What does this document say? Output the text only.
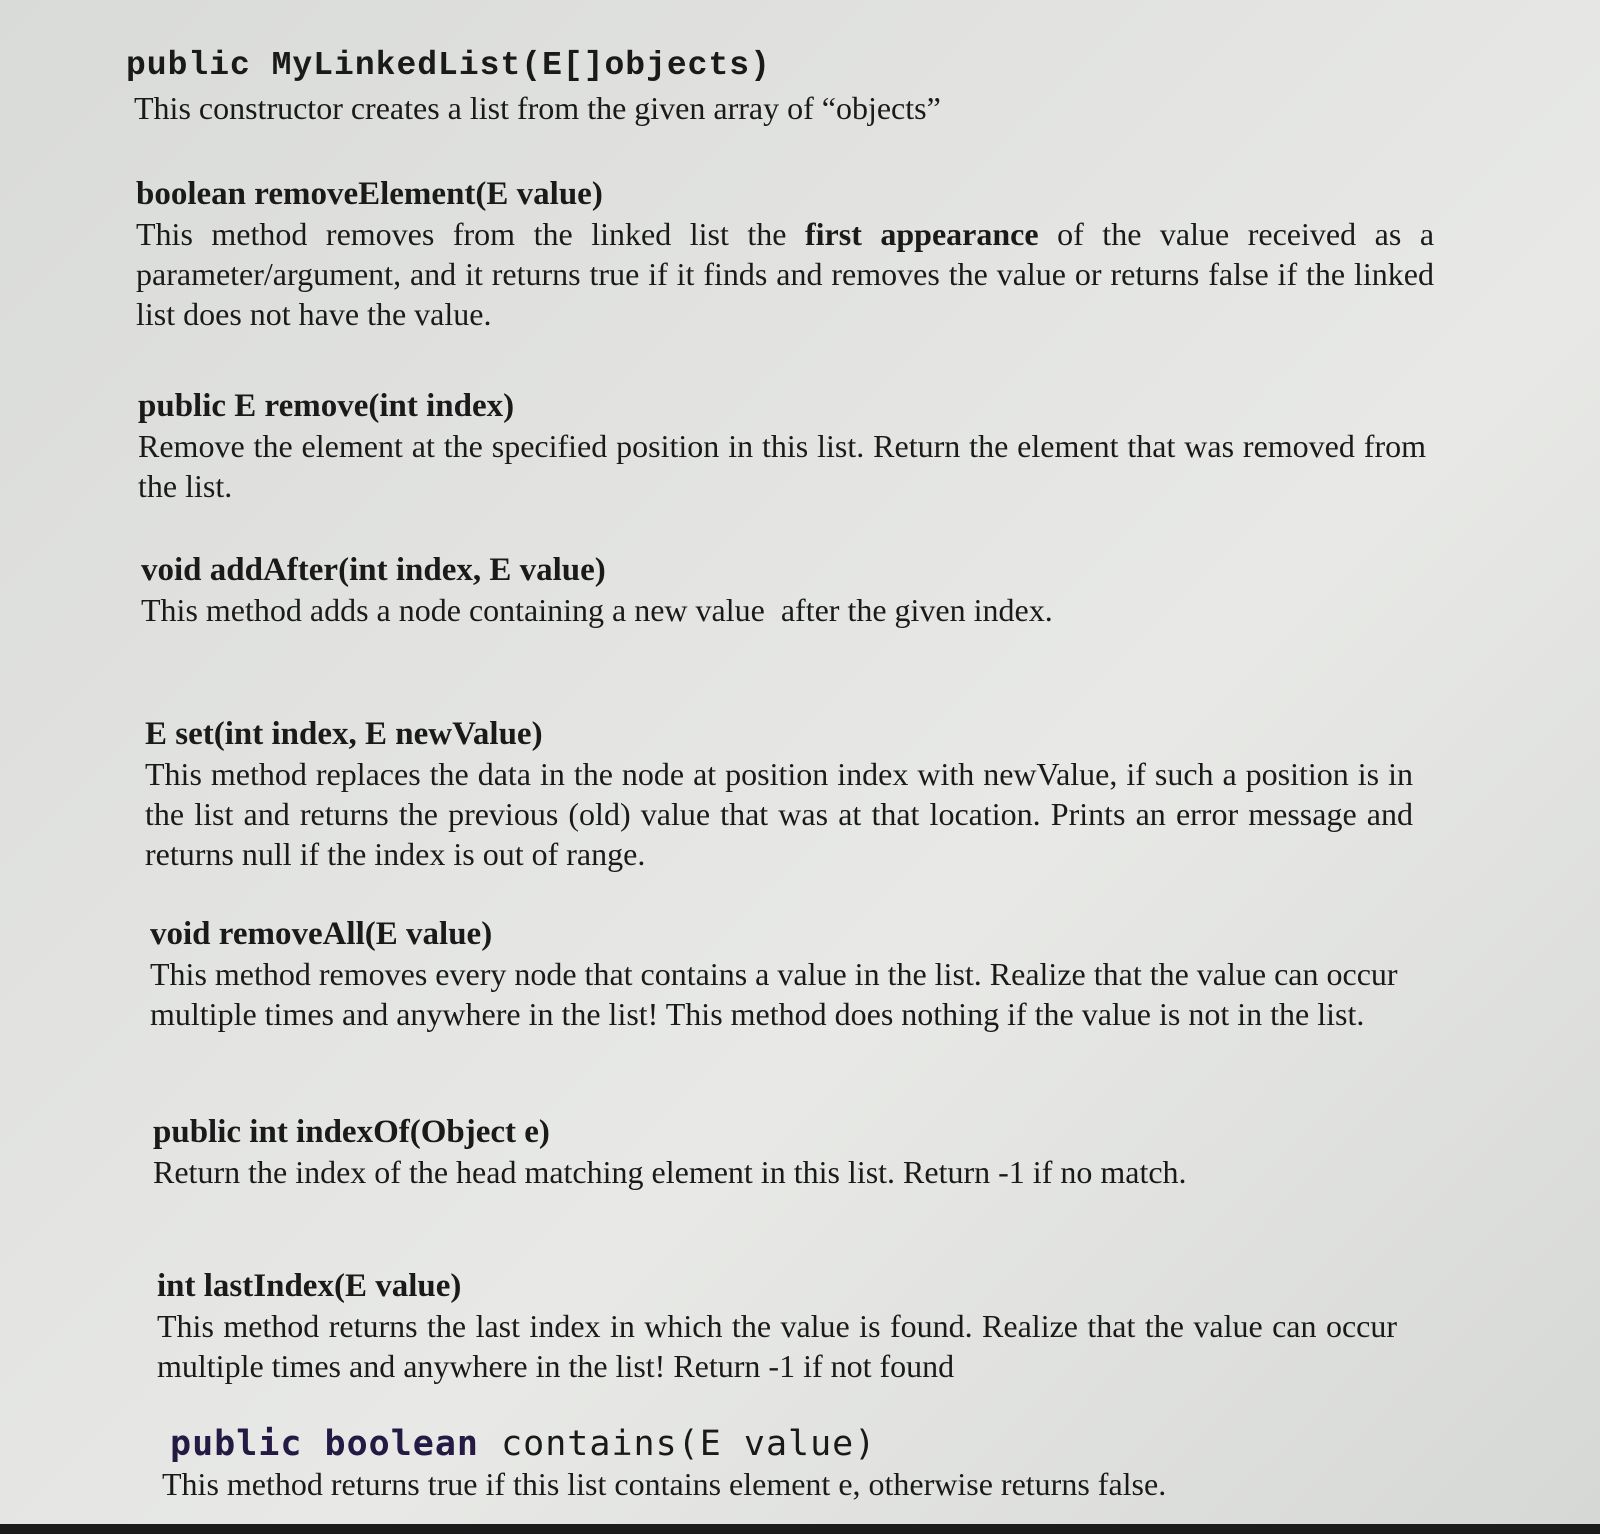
public MyLinkedList(E[]objects)

This constructor creates a list from the given array of “objects”

boolean removeElement(E value)

This method removes from the linked list the first appearance of the value received as a parameter/argument, and it returns true if it finds and removes the value or returns false if the linked list does not have the value.

public E remove(int index)

Remove the element at the specified position in this list. Return the element that was removed from the list.

void addAfter(int index, E value)

This method adds a node containing a new value  after the given index.

E set(int index, E newValue)

This method replaces the data in the node at position index with newValue, if such a position is in the list and returns the previous (old) value that was at that location. Prints an error message and returns null if the index is out of range.

void removeAll(E value)

This method removes every node that contains a value in the list. Realize that the value can occur multiple times and anywhere in the list! This method does nothing if the value is not in the list.

public int indexOf(Object e)

Return the index of the head matching element in this list. Return -1 if no match.

int lastIndex(E value)

This method returns the last index in which the value is found. Realize that the value can occur multiple times and anywhere in the list! Return -1 if not found

public boolean contains(E value)

This method returns true if this list contains element e, otherwise returns false.
